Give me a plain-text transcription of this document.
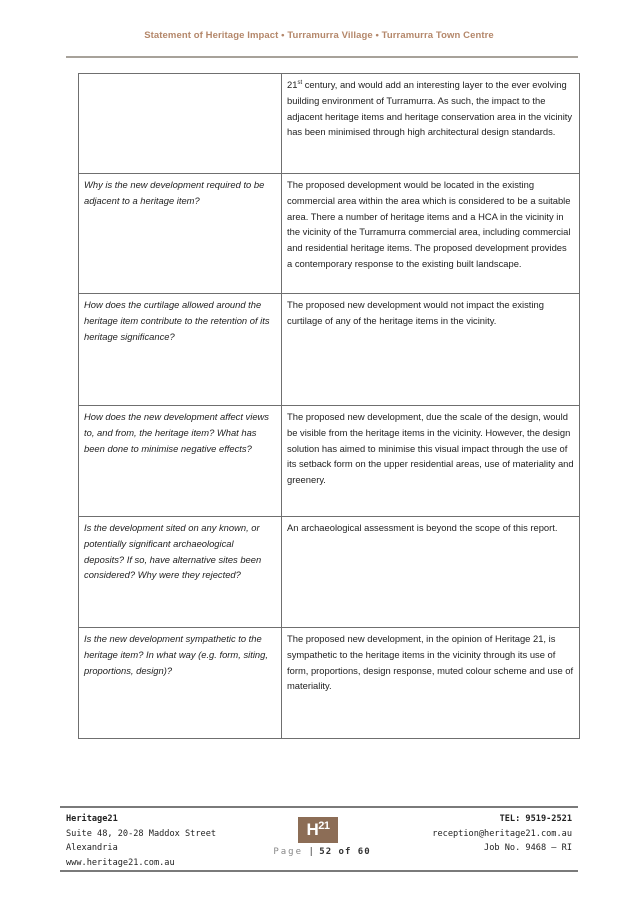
Statement of Heritage Impact • Turramurra Village • Turramurra Town Centre
	21st century, and would add an interesting layer to the ever evolving building environment of Turramurra. As such, the impact to the adjacent heritage items and heritage conservation area in the vicinity has been minimised through high architectural design standards.
Why is the new development required to be adjacent to a heritage item?	The proposed development would be located in the existing commercial area within the area which is considered to be a suitable area. There a number of heritage items and a HCA in the vicinity in the vicinity of the Turramurra commercial area, including commercial and residential heritage items. The proposed development provides a contemporary response to the existing built landscape.
How does the curtilage allowed around the heritage item contribute to the retention of its heritage significance?	The proposed new development would not impact the existing curtilage of any of the heritage items in the vicinity.
How does the new development affect views to, and from, the heritage item? What has been done to minimise negative effects?	The proposed new development, due the scale of the design, would be visible from the heritage items in the vicinity. However, the design solution has aimed to minimise this visual impact through the use of its setback form on the upper residential areas, use of materiality and greenery.
Is the development sited on any known, or potentially significant archaeological deposits? If so, have alternative sites been considered? Why were they rejected?	An archaeological assessment is beyond the scope of this report.
Is the new development sympathetic to the heritage item? In what way (e.g. form, siting, proportions, design)?	The proposed new development, in the opinion of Heritage 21, is sympathetic to the heritage items in the vicinity through its use of form, proportions, design response, muted colour scheme and use of materiality.
Heritage21
Suite 48, 20-28 Maddox Street
Alexandria
www.heritage21.com.au
H 21
Page | 52 of 60
TEL: 9519-2521
reception@heritage21.com.au
Job No. 9468 – RI
